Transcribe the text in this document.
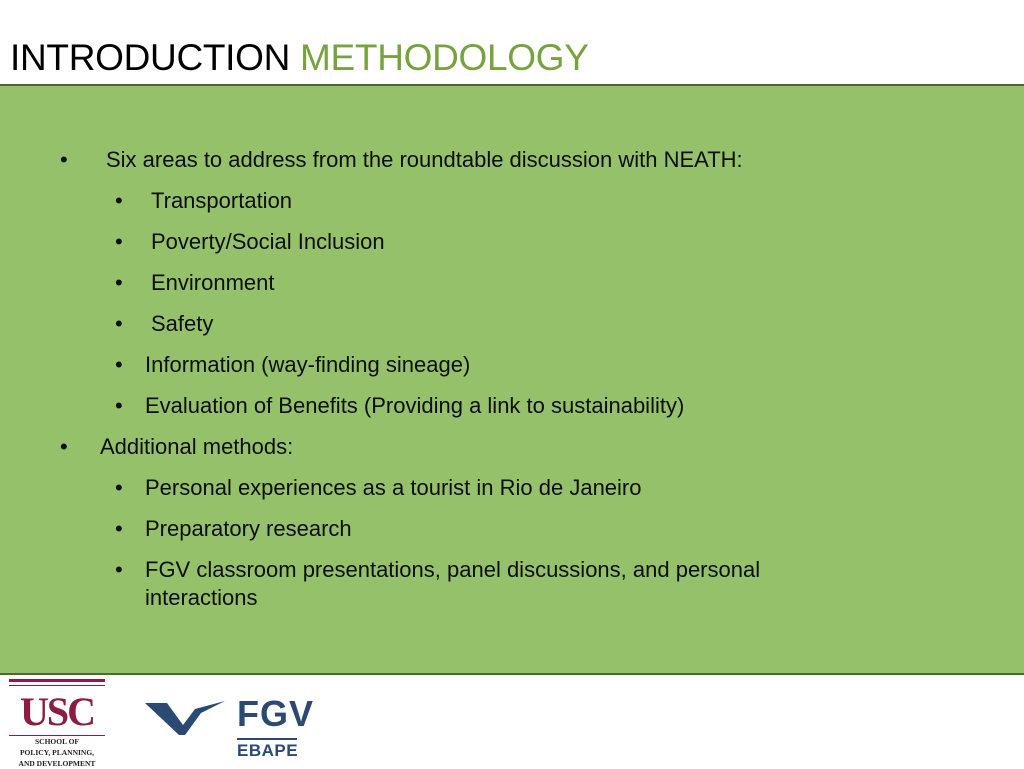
INTRODUCTION METHODOLOGY
• Six areas to address from the roundtable discussion with NEATH:
• Transportation
• Poverty/Social Inclusion
• Environment
• Safety
• Information (way-finding sineage)
• Evaluation of Benefits (Providing a link to sustainability)
• Additional methods:
• Personal experiences as a tourist in Rio de Janeiro
• Preparatory research
• FGV classroom presentations, panel discussions, and personal interactions
USC
SCHOOL OF
POLICY, PLANNING,
AND DEVELOPMENT
FGV
EBAPE
